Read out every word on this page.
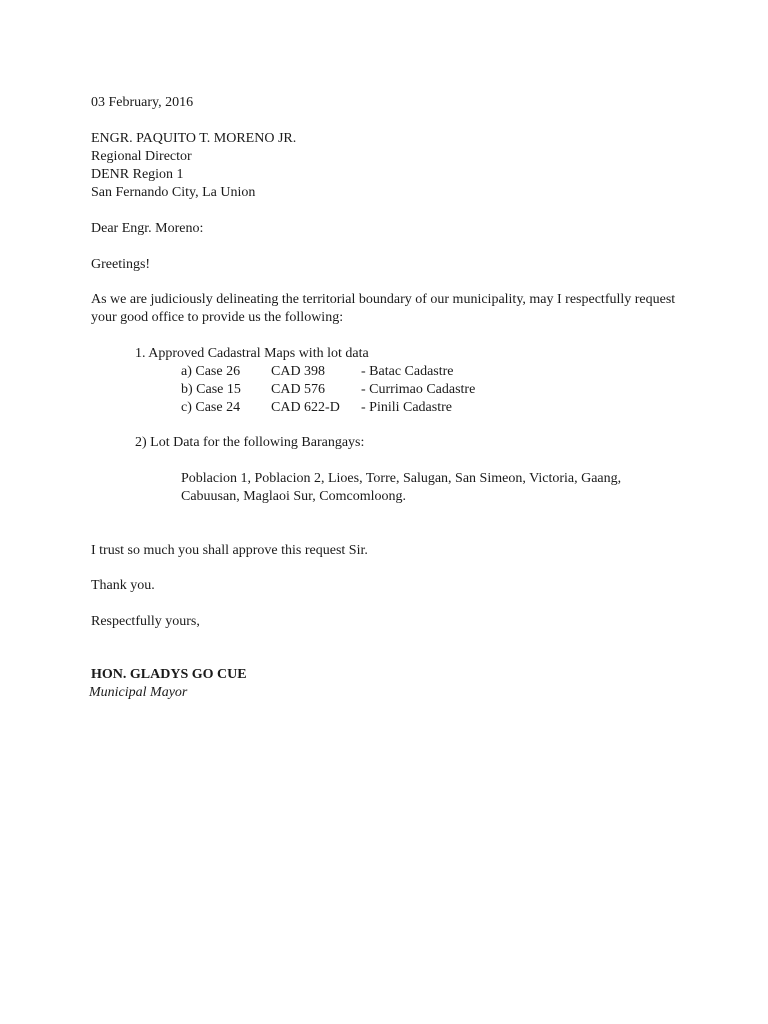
03 February, 2016
ENGR. PAQUITO T. MORENO JR.
Regional Director
DENR Region 1
San Fernando City, La Union
Dear Engr. Moreno:
Greetings!
As we are judiciously delineating the territorial boundary of our municipality, may I respectfully request your good office to provide us the following:
1. Approved Cadastral Maps with lot data
a) Case 26 CAD 398	- Batac Cadastre
b) Case 15 CAD 576	- Currimao Cadastre
c) Case 24 CAD 622-D - Pinili Cadastre
2) Lot Data for the following Barangays:
Poblacion 1, Poblacion 2, Lioes, Torre, Salugan, San Simeon, Victoria, Gaang, Cabuusan, Maglaoi Sur, Comcomloong.
I trust so much you shall approve this request Sir.
Thank you.
Respectfully yours,
HON. GLADYS GO CUE
Municipal Mayor
